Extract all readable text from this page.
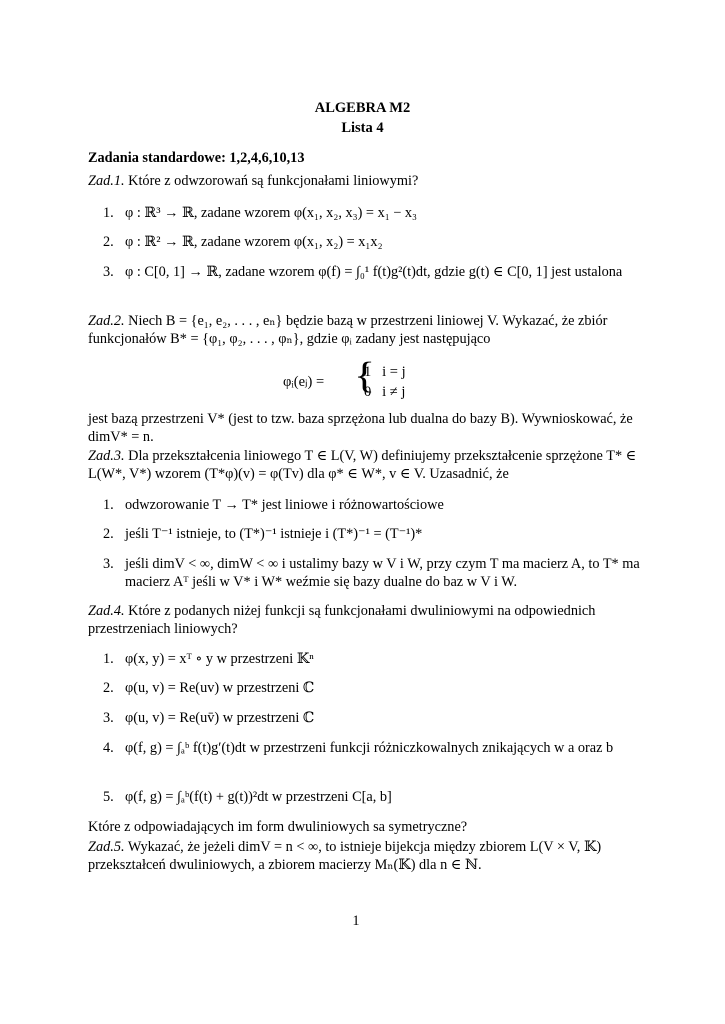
ALGEBRA M2
Lista 4
Zadania standardowe: 1,2,4,6,10,13
Zad.1. Które z odwzorowań są funkcjonałami liniowymi?
1. φ : ℝ³ → ℝ, zadane wzorem φ(x₁, x₂, x₃) = x₁ − x₃
2. φ : ℝ² → ℝ, zadane wzorem φ(x₁, x₂) = x₁x₂
3. φ : C[0, 1] → ℝ, zadane wzorem φ(f) = ∫₀¹ f(t)g²(t)dt, gdzie g(t) ∈ C[0, 1] jest ustalona
Zad.2. Niech B = {e₁, e₂, . . . , eₙ} będzie bazą w przestrzeni liniowej V. Wykazać, że zbiór funkcjonałów B* = {φ₁, φ₂, . . . , φₙ}, gdzie φᵢ zadany jest następująco
φᵢ(eⱼ) = {
1   i = j
0   i ≠ j
jest bazą przestrzeni V* (jest to tzw. baza sprzężona lub dualna do bazy B). Wywnioskować, że dimV* = n.
Zad.3. Dla przekształcenia liniowego T ∈ L(V, W) definiujemy przekształcenie sprzężone T* ∈ L(W*, V*) wzorem (T*φ)(v) = φ(Tv) dla φ* ∈ W*, v ∈ V. Uzasadnić, że
1. odwzorowanie T → T* jest liniowe i różnowartościowe
2. jeśli T⁻¹ istnieje, to (T*)⁻¹ istnieje i (T*)⁻¹ = (T⁻¹)*
3. jeśli dimV < ∞, dimW < ∞ i ustalimy bazy w V i W, przy czym T ma macierz A, to T* ma macierz Aᵀ jeśli w V* i W* weźmie się bazy dualne do baz w V i W.
Zad.4. Które z podanych niżej funkcji są funkcjonałami dwuliniowymi na odpowiednich przestrzeniach liniowych?
1. φ(x, y) = xᵀ ∘ y w przestrzeni 𝕂ⁿ
2. φ(u, v) = Re(uv) w przestrzeni ℂ
3. φ(u, v) = Re(uv̄) w przestrzeni ℂ
4. φ(f, g) = ∫ₐᵇ f(t)g′(t)dt w przestrzeni funkcji różniczkowalnych znikających w a oraz b
5. φ(f, g) = ∫ₐᵇ(f(t) + g(t))²dt w przestrzeni C[a, b]
Które z odpowiadających im form dwuliniowych sa symetryczne?
Zad.5. Wykazać, że jeżeli dimV = n < ∞, to istnieje bijekcja między zbiorem L(V × V, 𝕂) przekształceń dwuliniowych, a zbiorem macierzy Mₙ(𝕂) dla n ∈ ℕ.
1
